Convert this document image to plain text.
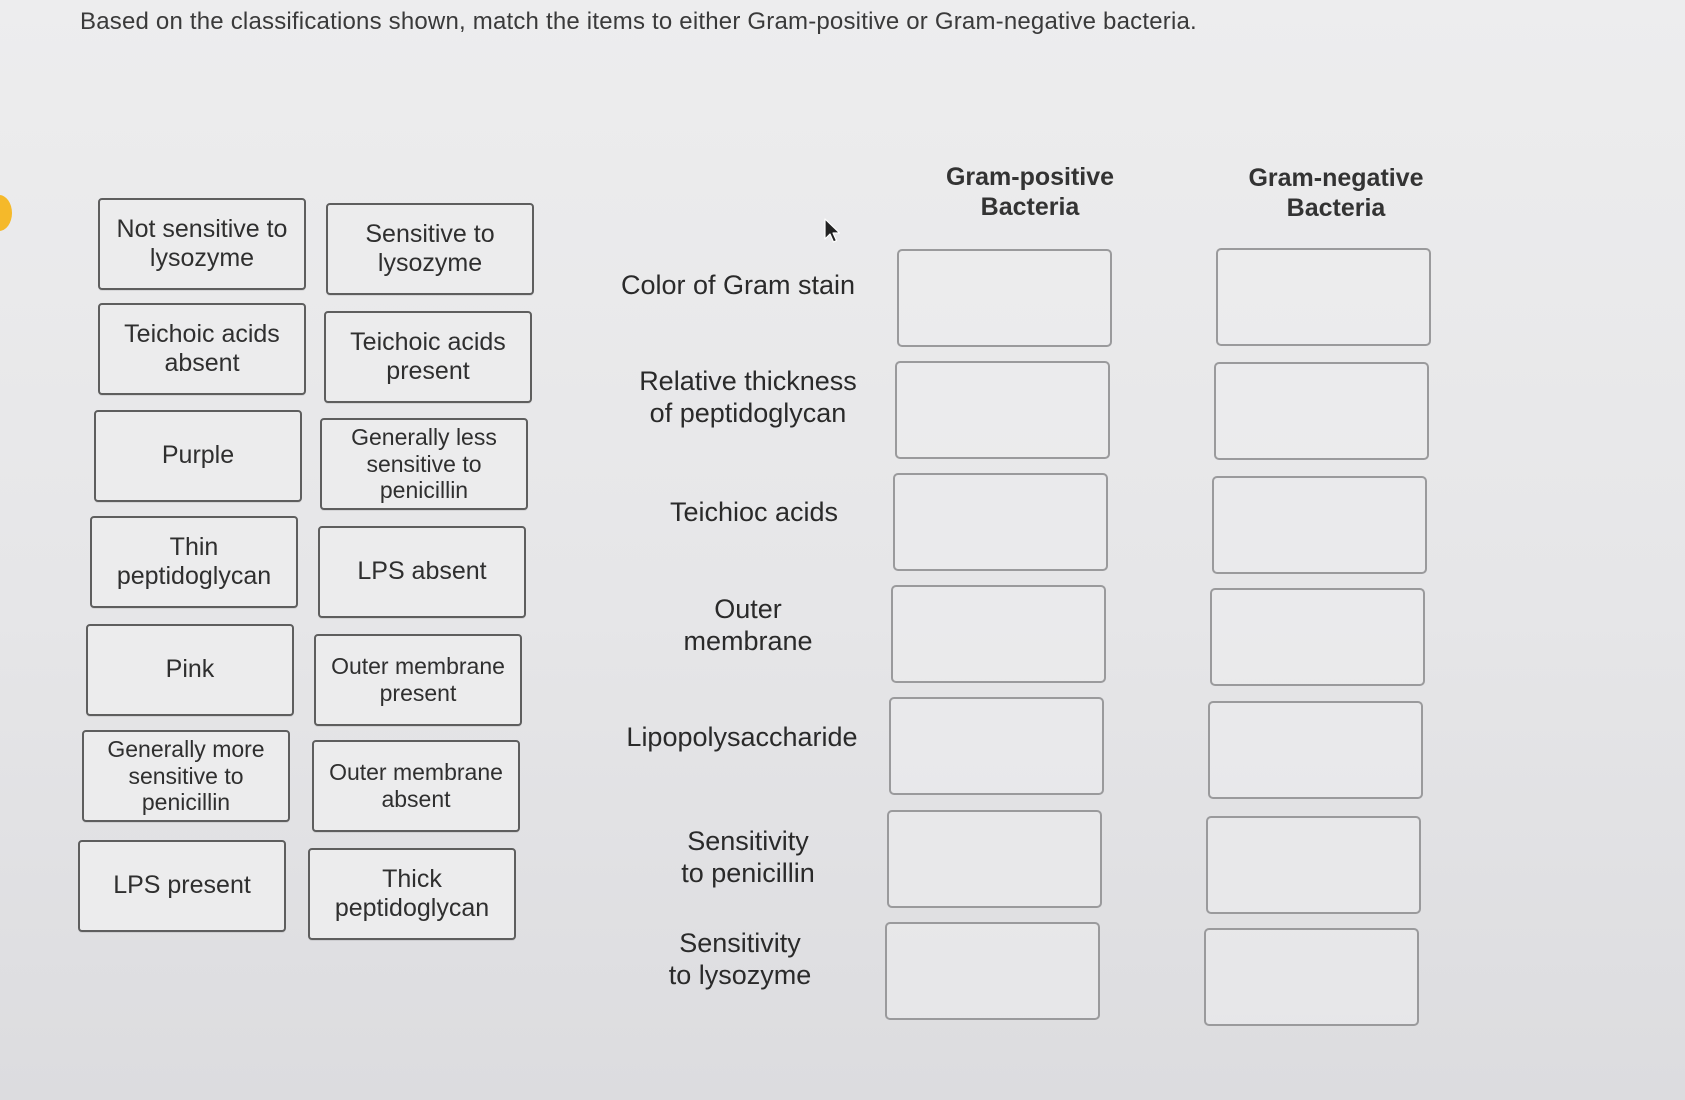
Based on the classifications shown, match the items to either Gram-positive or Gram-negative bacteria.
Not sensitive to
lysozyme
Teichoic acids
absent
Purple
Thin
peptidoglycan
Pink
Generally more
sensitive to
penicillin
LPS present
Sensitive to
lysozyme
Teichoic acids
present
Generally less
sensitive to
penicillin
LPS absent
Outer membrane
present
Outer membrane
absent
Thick
peptidoglycan
Gram-positive
Bacteria
Gram-negative
Bacteria
Color of Gram stain
Relative thickness
of peptidoglycan
Teichioc acids
Outer
membrane
Lipopolysaccharide
Sensitivity
to penicillin
Sensitivity
to lysozyme
